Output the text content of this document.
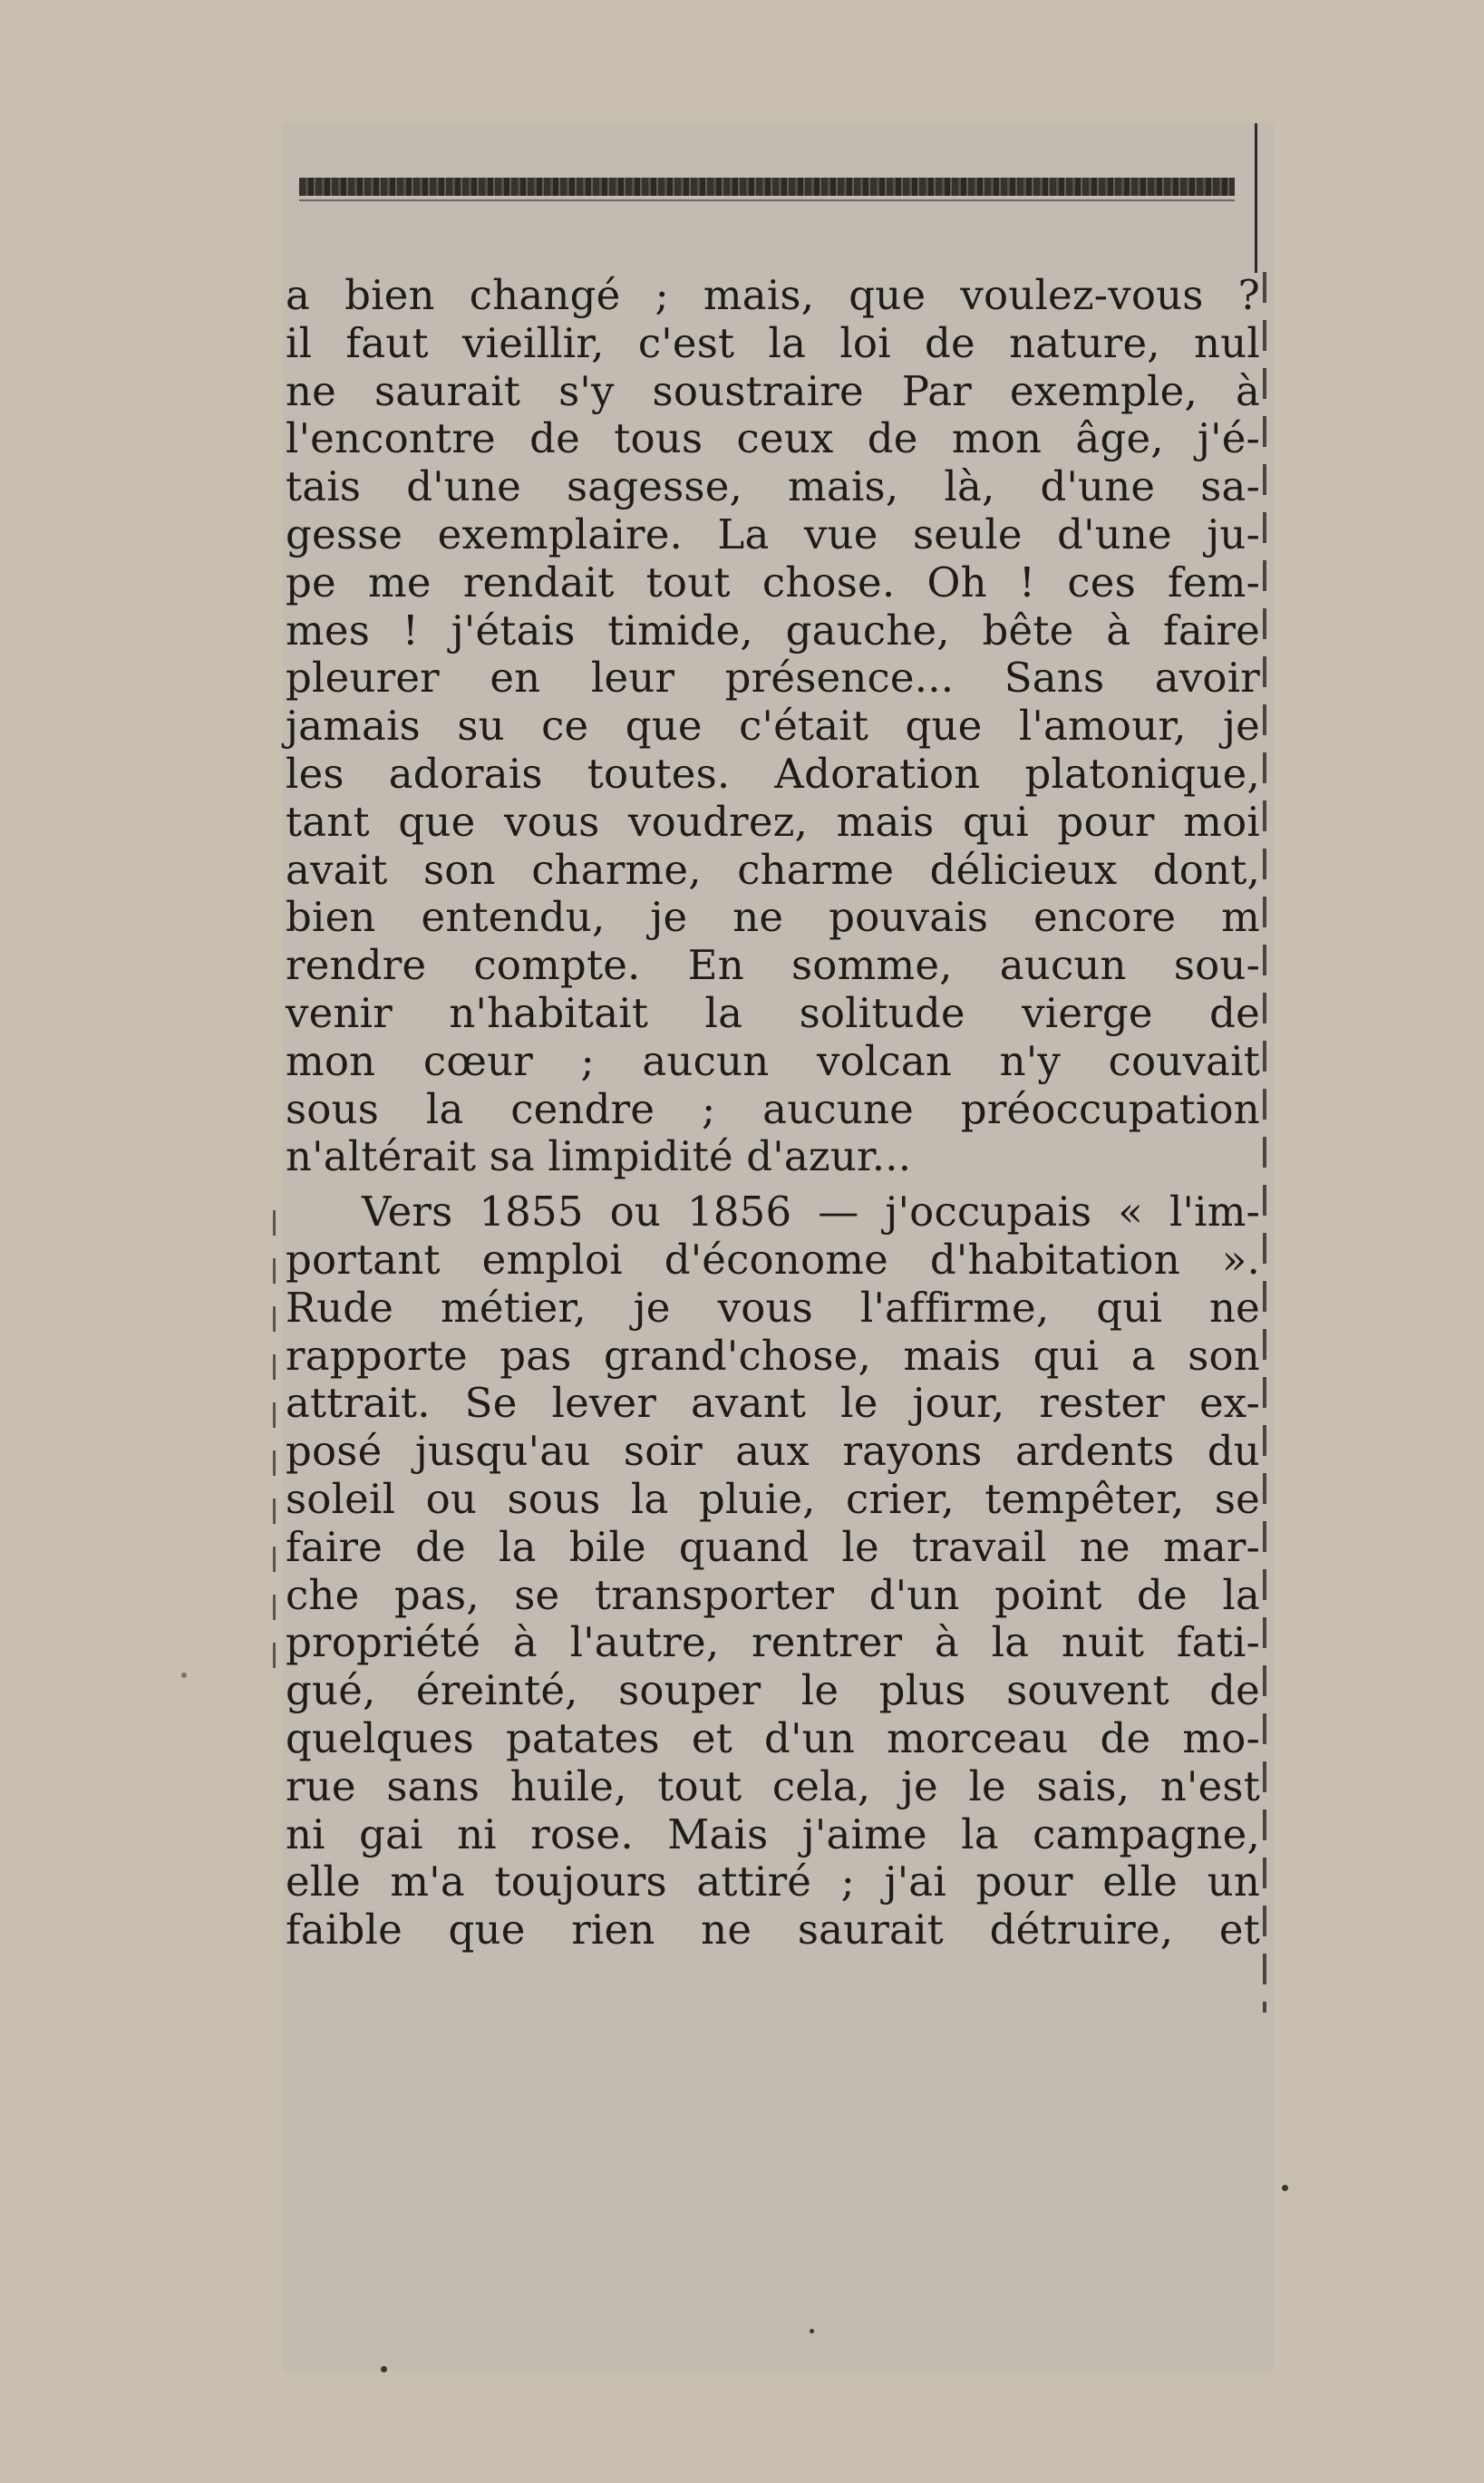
a bien changé ; mais, que voulez-vous ?
il faut vieillir, c'est la loi de nature, nul
ne saurait s'y soustraire Par exemple, à
l'encontre de tous ceux de mon âge, j'é-
tais d'une sagesse, mais, là, d'une sa-
gesse exemplaire. La vue seule d'une ju-
pe me rendait tout chose. Oh ! ces fem-
mes ! j'étais timide, gauche, bête à faire
pleurer en leur présence... Sans avoir
jamais su ce que c'était que l'amour, je
les adorais toutes. Adoration platonique,
tant que vous voudrez, mais qui pour moi
avait son charme, charme délicieux dont,
bien entendu, je ne pouvais encore m
rendre compte. En somme, aucun sou-
venir n'habitait la solitude vierge de
mon cœur ; aucun volcan n'y couvait
sous la cendre ; aucune préoccupation
n'altérait sa limpidité d'azur...
Vers 1855 ou 1856 — j'occupais « l'im-
portant emploi d'économe d'habitation ».
Rude métier, je vous l'affirme, qui ne
rapporte pas grand'chose, mais qui a son
attrait. Se lever avant le jour, rester ex-
posé jusqu'au soir aux rayons ardents du
soleil ou sous la pluie, crier, tempêter, se
faire de la bile quand le travail ne mar-
che pas, se transporter d'un point de la
propriété à l'autre, rentrer à la nuit fati-
gué, éreinté, souper le plus souvent de
quelques patates et d'un morceau de mo-
rue sans huile, tout cela, je le sais, n'est
ni gai ni rose. Mais j'aime la campagne,
elle m'a toujours attiré ; j'ai pour elle un
faible que rien ne saurait détruire, et
